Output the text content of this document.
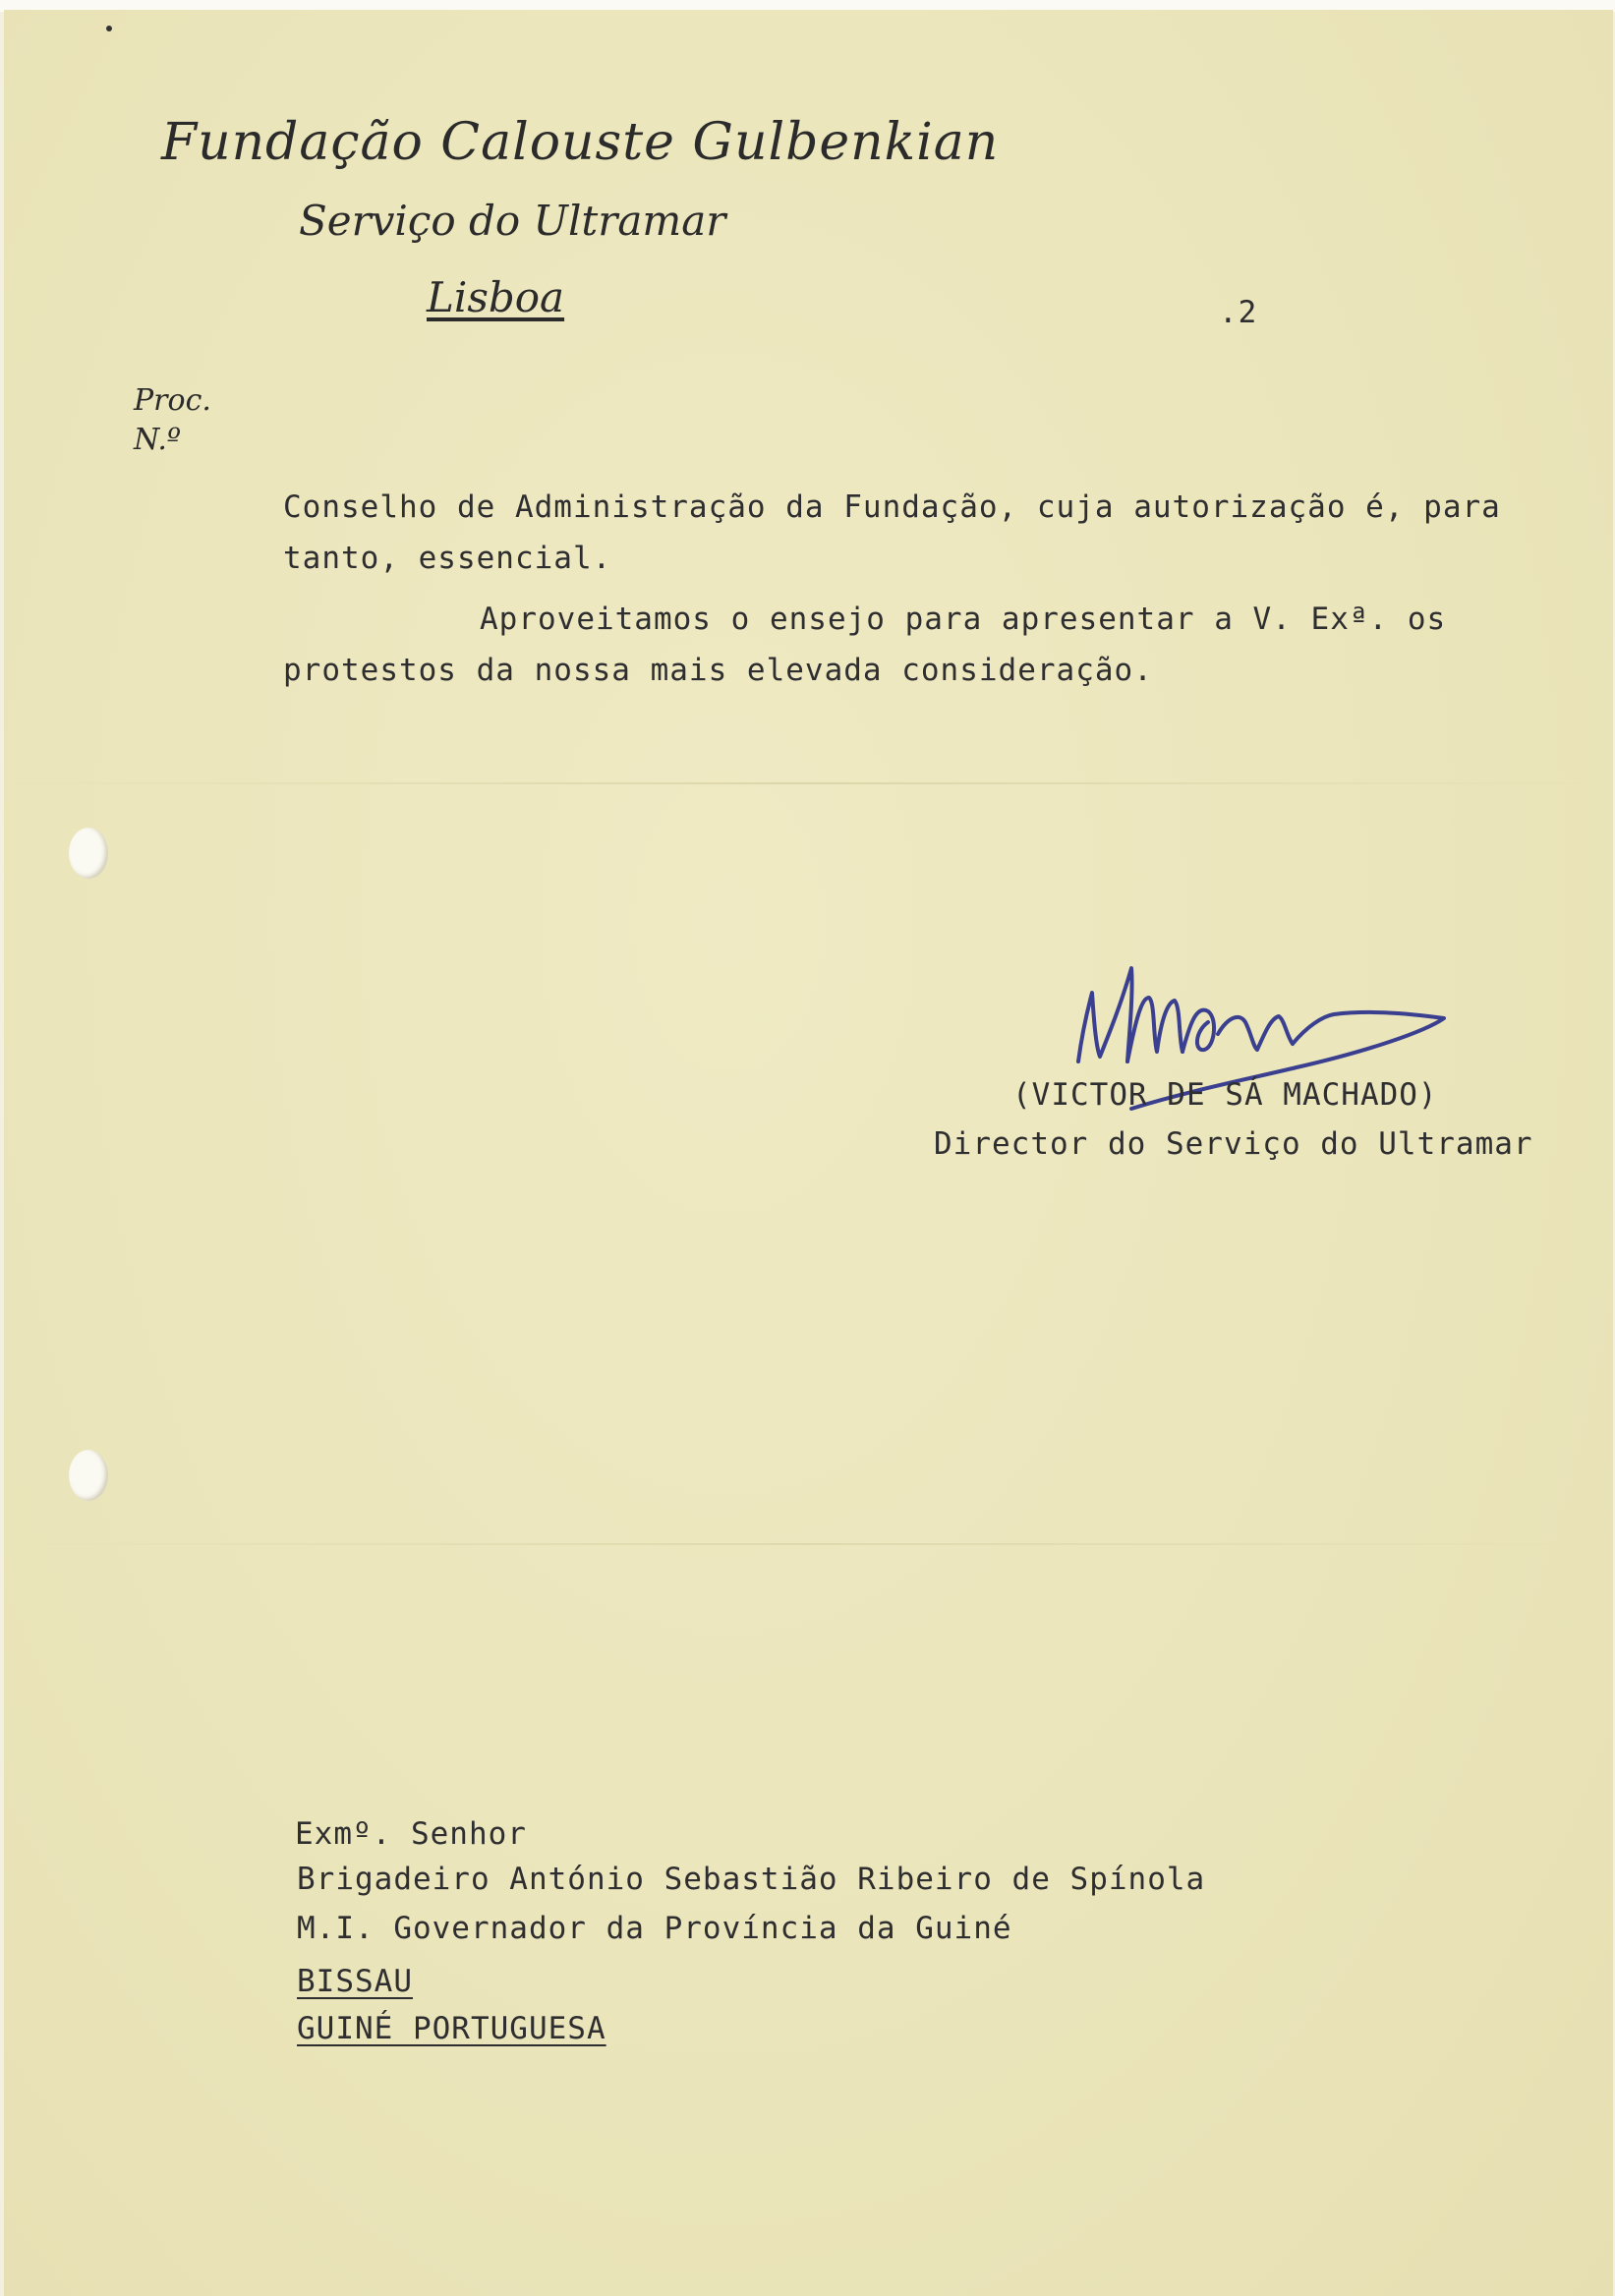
Fundação Calouste Gulbenkian
Serviço do Ultramar
Lisboa
Proc.
N.º
.2
Conselho de Administração da Fundação, cuja autorização é, para
tanto, essencial.
Aproveitamos o ensejo para apresentar a V. Exª. os
protestos da nossa mais elevada consideração.
(VICTOR DE SÁ MACHADO)
Director do Serviço do Ultramar
Exmº. Senhor
Brigadeiro António Sebastião Ribeiro de Spínola
M.I. Governador da Província da Guiné
BISSAU
GUINÉ PORTUGUESA
